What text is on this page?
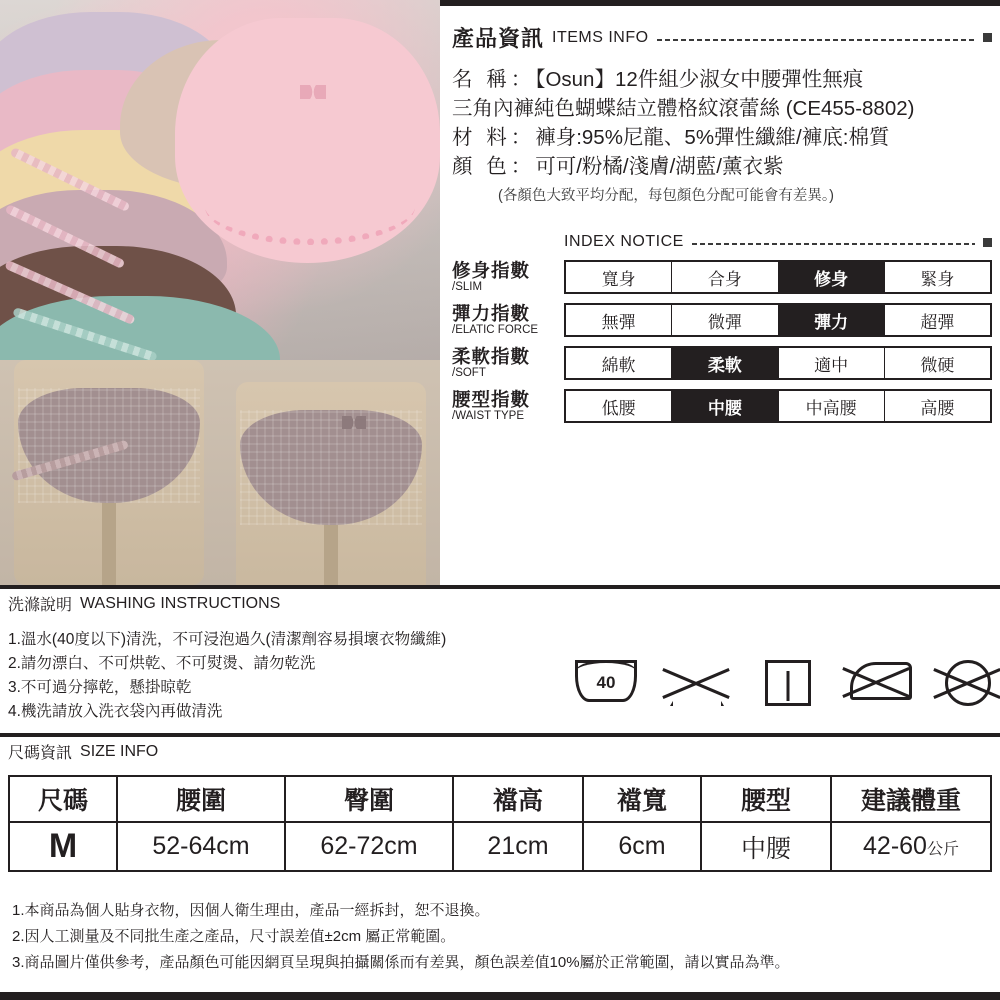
產品資訊 ITEMS INFO
名 稱：【Osun】12件組少淑女中腰彈性無痕
三角內褲純色蝴蝶結立體格紋滾蕾絲 (CE455-8802)
材 料：褲身:95%尼龍、5%彈性纖維/褲底:棉質
顏 色：可可/粉橘/淺膚/湖藍/薰衣紫
(各顏色大致平均分配，每包顏色分配可能會有差異。)
INDEX NOTICE
修身指數
/SLIM	寬身	合身	修身	緊身
彈力指數
/ELATIC FORCE	無彈	微彈	彈力	超彈
柔軟指數
/SOFT	綿軟	柔軟	適中	微硬
腰型指數
/WAIST TYPE	低腰	中腰	中高腰	高腰
洗滌說明 WASHING INSTRUCTIONS
1.溫水(40度以下)清洗，不可浸泡過久(清潔劑容易損壞衣物纖維)
2.請勿漂白、不可烘乾、不可熨燙、請勿乾洗
3.不可過分擰乾，懸掛晾乾
4.機洗請放入洗衣袋內再做清洗
40
尺碼資訊 SIZE INFO
尺碼	腰圍	臀圍	襠高	襠寬	腰型	建議體重
M	52-64cm	62-72cm	21cm	6cm	中腰	42-60公斤
1.本商品為個人貼身衣物，因個人衛生理由，產品一經拆封，恕不退換。
2.因人工測量及不同批生產之產品，尺寸誤差值±2cm 屬正常範圍。
3.商品圖片僅供參考，產品顏色可能因網頁呈現與拍攝關係而有差異，顏色誤差值10%屬於正常範圍，請以實品為準。
